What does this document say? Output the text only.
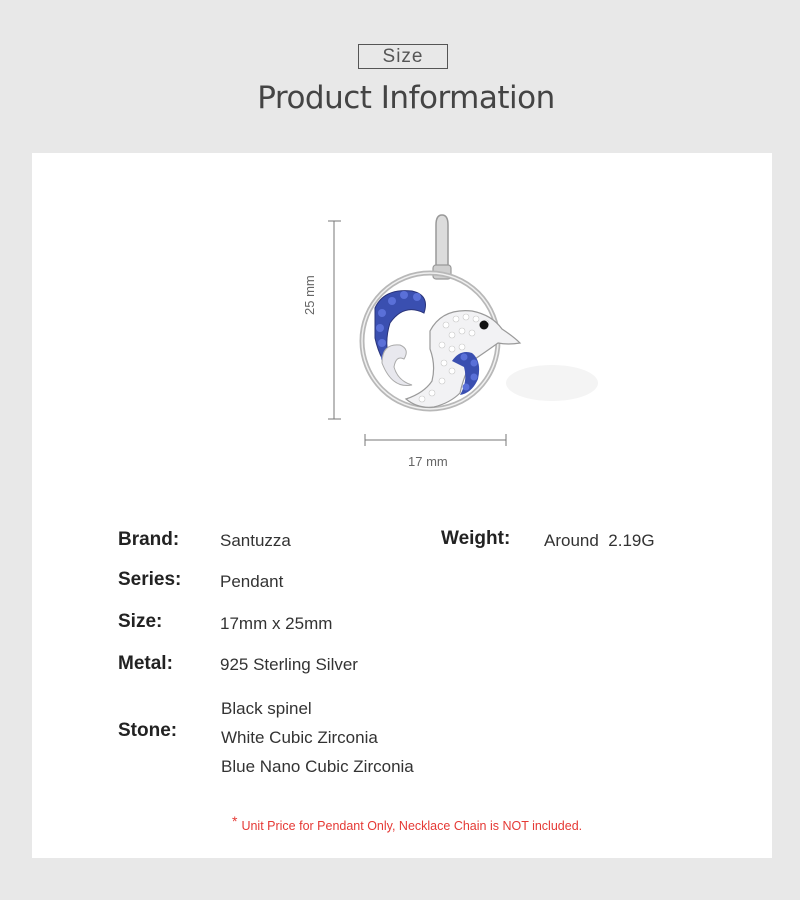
Size
Product Information
25 mm
17 mm
Brand: Santuzza	Weight: Around  2.19G
Series: Pendant
Size:	17mm x 25mm
Metal:	925 Sterling Silver
Stone:
Black spinel
White Cubic Zirconia
Blue Nano Cubic Zirconia
* Unit Price for Pendant Only, Necklace Chain is NOT included.
